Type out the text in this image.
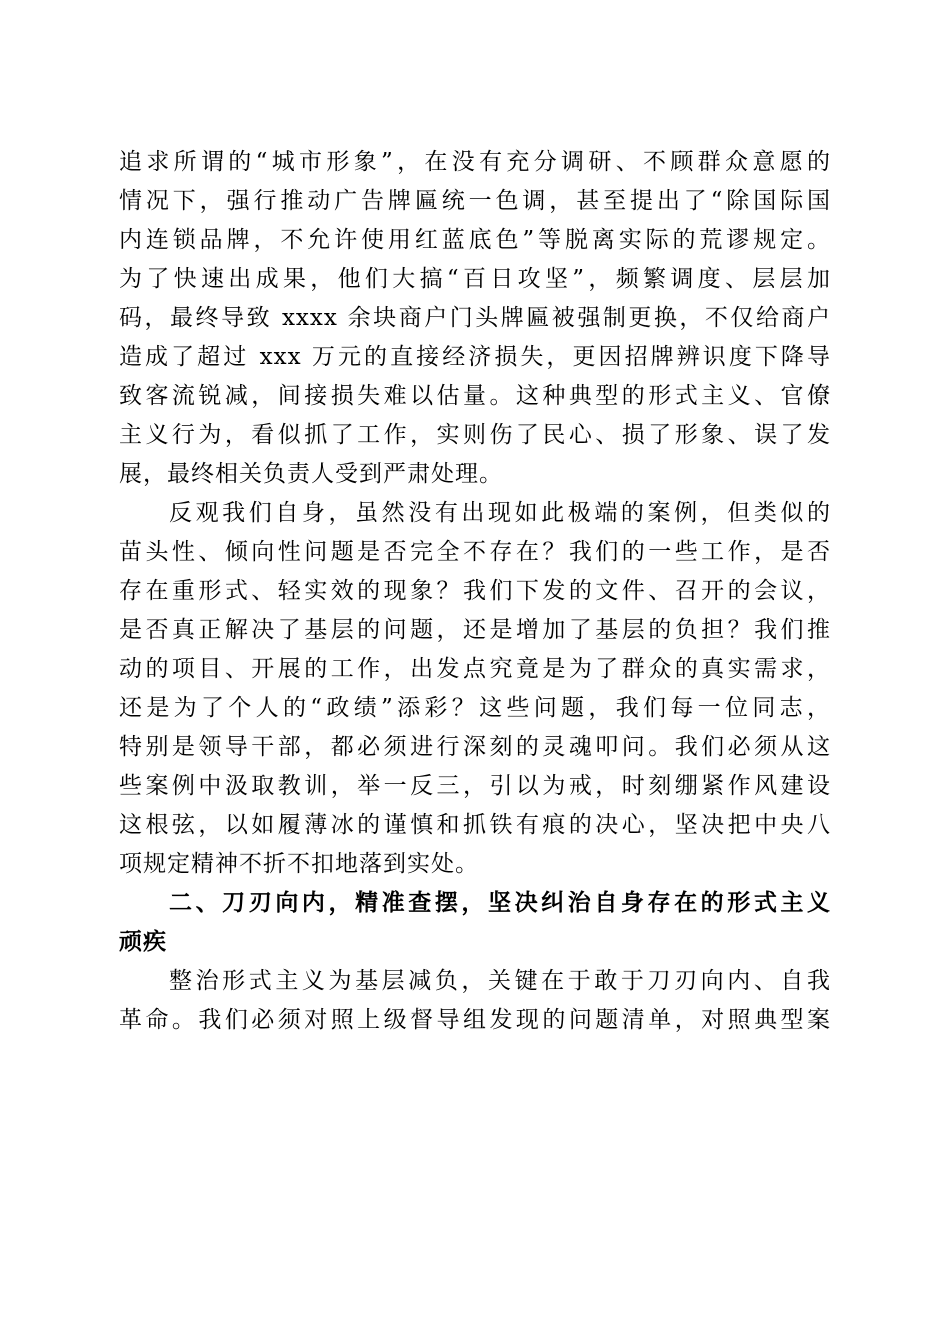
追求所谓的“城市形象”，在没有充分调研、不顾群众意愿的
情况下，强行推动广告牌匾统一色调，甚至提出了“除国际国
内连锁品牌，不允许使用红蓝底色”等脱离实际的荒谬规定。
为了快速出成果，他们大搞“百日攻坚”，频繁调度、层层加
码，最终导致 xxxx 余块商户门头牌匾被强制更换，不仅给商户
造成了超过 xxx 万元的直接经济损失，更因招牌辨识度下降导
致客流锐减，间接损失难以估量。这种典型的形式主义、官僚
主义行为，看似抓了工作，实则伤了民心、损了形象、误了发
展，最终相关负责人受到严肃处理。
反观我们自身，虽然没有出现如此极端的案例，但类似的
苗头性、倾向性问题是否完全不存在？我们的一些工作，是否
存在重形式、轻实效的现象？我们下发的文件、召开的会议，
是否真正解决了基层的问题，还是增加了基层的负担？我们推
动的项目、开展的工作，出发点究竟是为了群众的真实需求，
还是为了个人的“政绩”添彩？这些问题，我们每一位同志，
特别是领导干部，都必须进行深刻的灵魂叩问。我们必须从这
些案例中汲取教训，举一反三，引以为戒，时刻绷紧作风建设
这根弦，以如履薄冰的谨慎和抓铁有痕的决心，坚决把中央八
项规定精神不折不扣地落到实处。
二、刀刃向内，精准查摆，坚决纠治自身存在的形式主义
顽疾
整治形式主义为基层减负，关键在于敢于刀刃向内、自我
革命。我们必须对照上级督导组发现的问题清单，对照典型案
